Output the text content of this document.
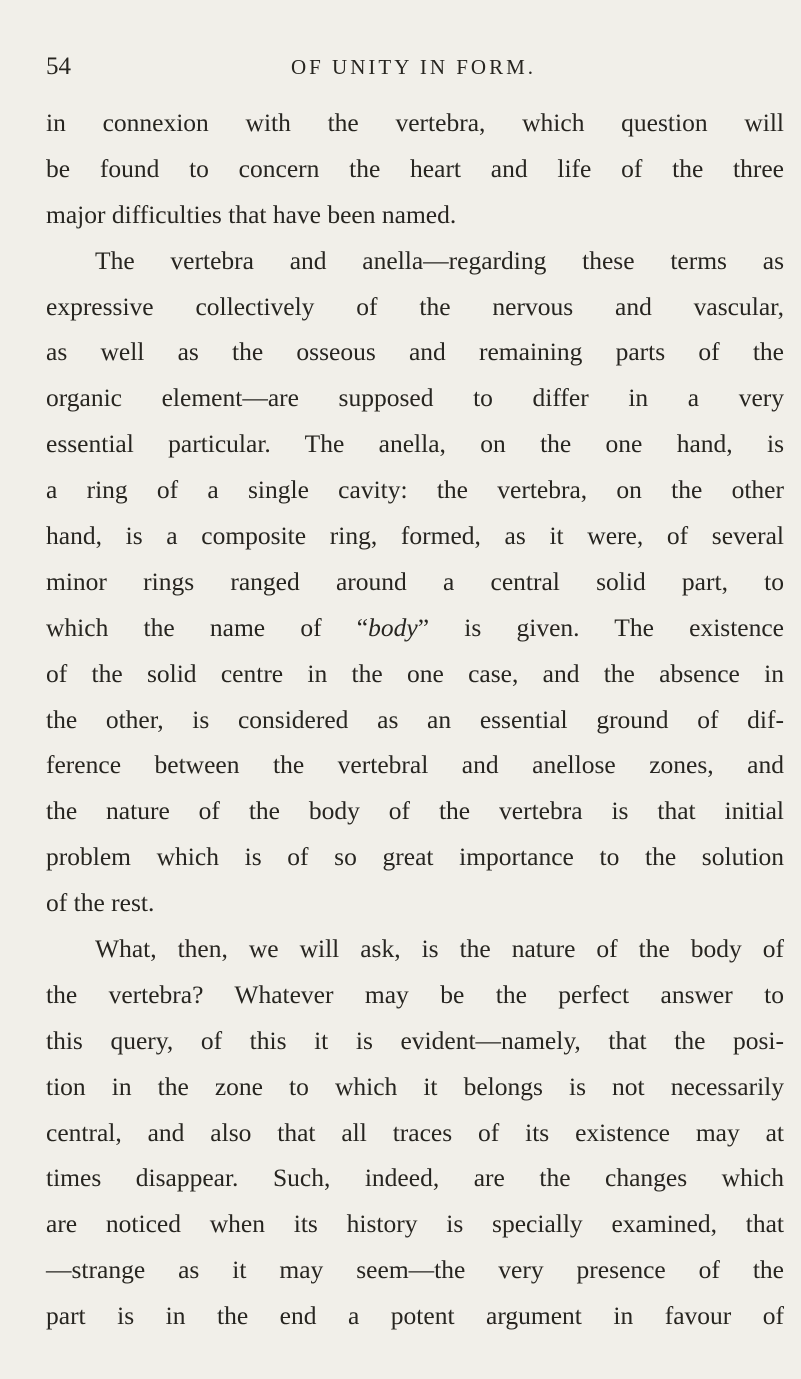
54	OF UNITY IN FORM.
in connexion with the vertebra, which question will
be found to concern the heart and life of the three
major difficulties that have been named.
The vertebra and anella—regarding these terms as
expressive collectively of the nervous and vascular,
as well as the osseous and remaining parts of the
organic element—are supposed to differ in a very
essential particular. The anella, on the one hand, is
a ring of a single cavity: the vertebra, on the other
hand, is a composite ring, formed, as it were, of several
minor rings ranged around a central solid part, to
which the name of “body” is given. The existence
of the solid centre in the one case, and the absence in
the other, is considered as an essential ground of dif-
ference between the vertebral and anellose zones, and
the nature of the body of the vertebra is that initial
problem which is of so great importance to the solution
of the rest.
What, then, we will ask, is the nature of the body of
the vertebra? Whatever may be the perfect answer to
this query, of this it is evident—namely, that the posi-
tion in the zone to which it belongs is not necessarily
central, and also that all traces of its existence may at
times disappear. Such, indeed, are the changes which
are noticed when its history is specially examined, that
—strange as it may seem—the very presence of the
part is in the end a potent argument in favour of
